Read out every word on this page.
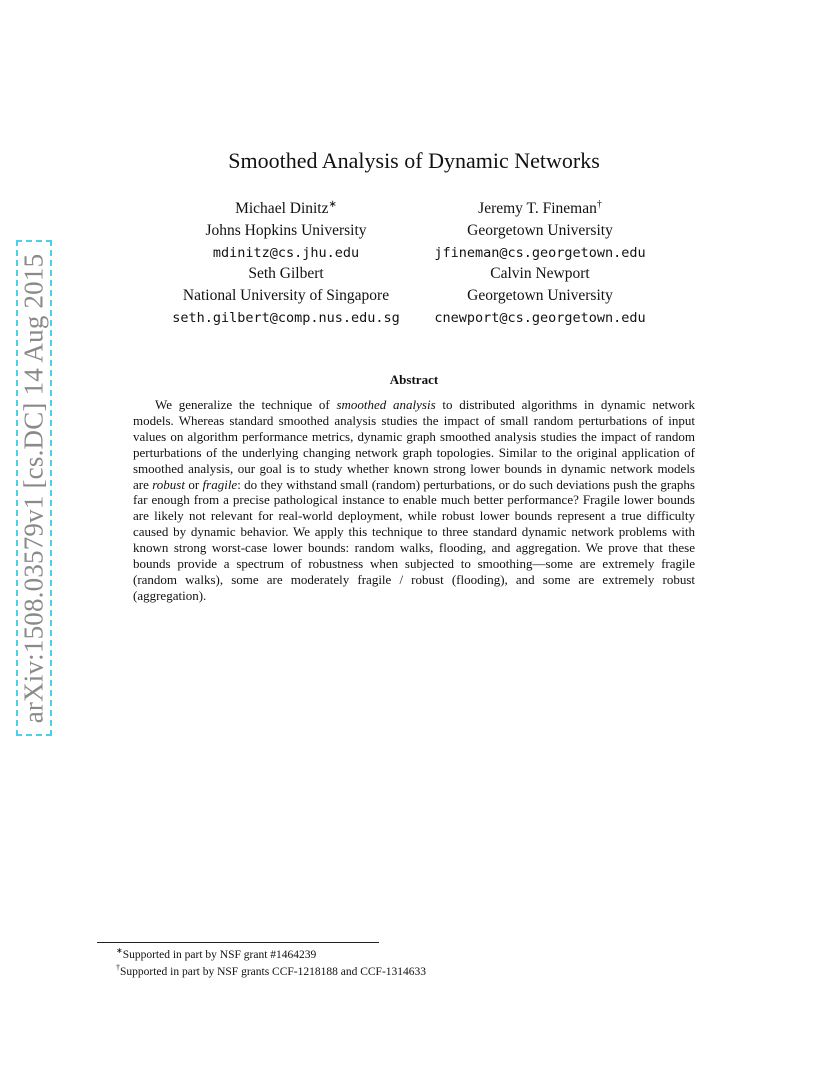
arXiv:1508.03579v1 [cs.DC] 14 Aug 2015
Smoothed Analysis of Dynamic Networks
Michael Dinitz∗
Johns Hopkins University
mdinitz@cs.jhu.edu
Jeremy T. Fineman†
Georgetown University
jfineman@cs.georgetown.edu
Seth Gilbert
National University of Singapore
seth.gilbert@comp.nus.edu.sg
Calvin Newport
Georgetown University
cnewport@cs.georgetown.edu
Abstract
We generalize the technique of smoothed analysis to distributed algorithms in dynamic network models. Whereas standard smoothed analysis studies the impact of small random perturbations of input values on algorithm performance metrics, dynamic graph smoothed analysis studies the impact of random perturbations of the underlying changing network graph topologies. Similar to the original application of smoothed analysis, our goal is to study whether known strong lower bounds in dynamic network models are robust or fragile: do they withstand small (random) perturbations, or do such deviations push the graphs far enough from a precise pathological instance to enable much better performance? Fragile lower bounds are likely not relevant for real-world deployment, while robust lower bounds represent a true difficulty caused by dynamic behavior. We apply this technique to three standard dynamic network problems with known strong worst-case lower bounds: random walks, flooding, and aggregation. We prove that these bounds provide a spectrum of robustness when subjected to smoothing—some are extremely fragile (random walks), some are moderately fragile / robust (flooding), and some are extremely robust (aggregation).
∗Supported in part by NSF grant #1464239
†Supported in part by NSF grants CCF-1218188 and CCF-1314633
